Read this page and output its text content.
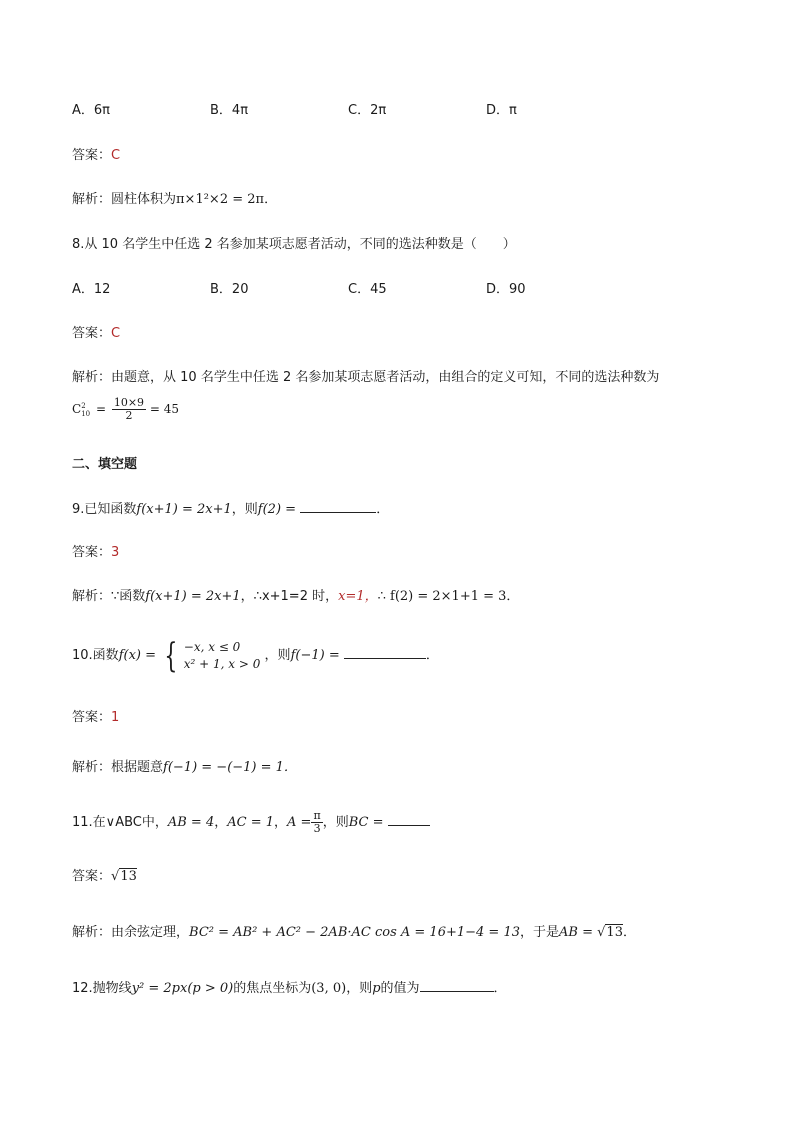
A．6π	B．4π	C．2π	D．π
答案：C
解析：圆柱体积为π×1²×2 = 2π．
8.从 10 名学生中任选 2 名参加某项志愿者活动，不同的选法种数是（　　）
A．12	B．20	C．45	D．90
答案：C
解析：由题意，从 10 名学生中任选 2 名参加某项志愿者活动，由组合的定义可知，不同的选法种数为
C 2
$10 = \frac{10\times 9}{2} = 45$
二、填空题
9.已知函数f(x+1) = 2x+1，则f(2) =	．
答案：3
解析：∵函数f(x+1) = 2x+1，∴x+1=2 时，x=1，∴ f(2) = 2×1+1 = 3．
10.函数f(x) = { −x, x ≤ 0
x² + 1, x > 0
，则f(−1) =	．
答案：1
解析：根据题意f(−1) = −(−1) = 1．
11.在∨ABC中，AB = 4，AC = 1，$A = \frac{\pi}{3}$ ，则BC =
答案：√13
解析：由余弦定理，BC² = AB² + AC² − 2AB·AC cos A = 16+1−4 = 13，于是AB = √13．
12.抛物线y² = 2px(p > 0)的焦点坐标为(3, 0)，则p的值为	．
